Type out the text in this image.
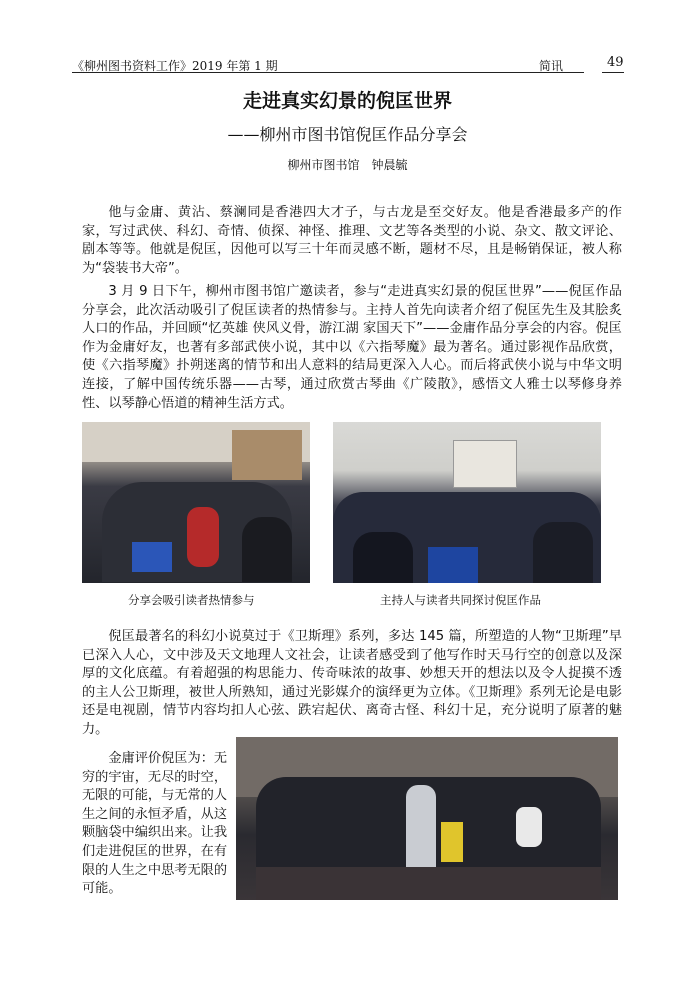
《柳州图书资料工作》2019 年第 1 期	简讯	49
走进真实幻景的倪匡世界
——柳州市图书馆倪匡作品分享会
柳州市图书馆　钟晨毓

他与金庸、黄沾、蔡澜同是香港四大才子，与古龙是至交好友。他是香港最多产的作家，写过武侠、科幻、奇情、侦探、神怪、推理、文艺等各类型的小说、杂文、散文评论、剧本等等。他就是倪匡，因他可以写三十年而灵感不断，题材不尽，且是畅销保证，被人称为“袋装书大帝”。

3 月 9 日下午，柳州市图书馆广邀读者，参与“走进真实幻景的倪匡世界”——倪匡作品分享会，此次活动吸引了倪匡读者的热情参与。主持人首先向读者介绍了倪匡先生及其脍炙人口的作品，并回顾“忆英雄 侠风义骨，游江湖 家国天下”——金庸作品分享会的内容。倪匡作为金庸好友，也著有多部武侠小说，其中以《六指琴魔》最为著名。通过影视作品欣赏，使《六指琴魔》扑朔迷离的情节和出人意料的结局更深入人心。而后将武侠小说与中华文明连接，了解中国传统乐器——古琴，通过欣赏古琴曲《广陵散》，感悟文人雅士以琴修身养性、以琴静心悟道的精神生活方式。

分享会吸引读者热情参与	主持人与读者共同探讨倪匡作品

倪匡最著名的科幻小说莫过于《卫斯理》系列，多达 145 篇，所塑造的人物“卫斯理”早已深入人心，文中涉及天文地理人文社会，让读者感受到了他写作时天马行空的创意以及深厚的文化底蕴。有着超强的构思能力、传奇味浓的故事、妙想天开的想法以及令人捉摸不透的主人公卫斯理，被世人所熟知，通过光影媒介的演绎更为立体。《卫斯理》系列无论是电影还是电视剧，情节内容均扣人心弦、跌宕起伏、离奇古怪、科幻十足，充分说明了原著的魅力。

金庸评价倪匡为：无穷的宇宙，无尽的时空，无限的可能，与无常的人生之间的永恒矛盾，从这颗脑袋中编织出来。让我们走进倪匡的世界，在有限的人生之中思考无限的可能。
